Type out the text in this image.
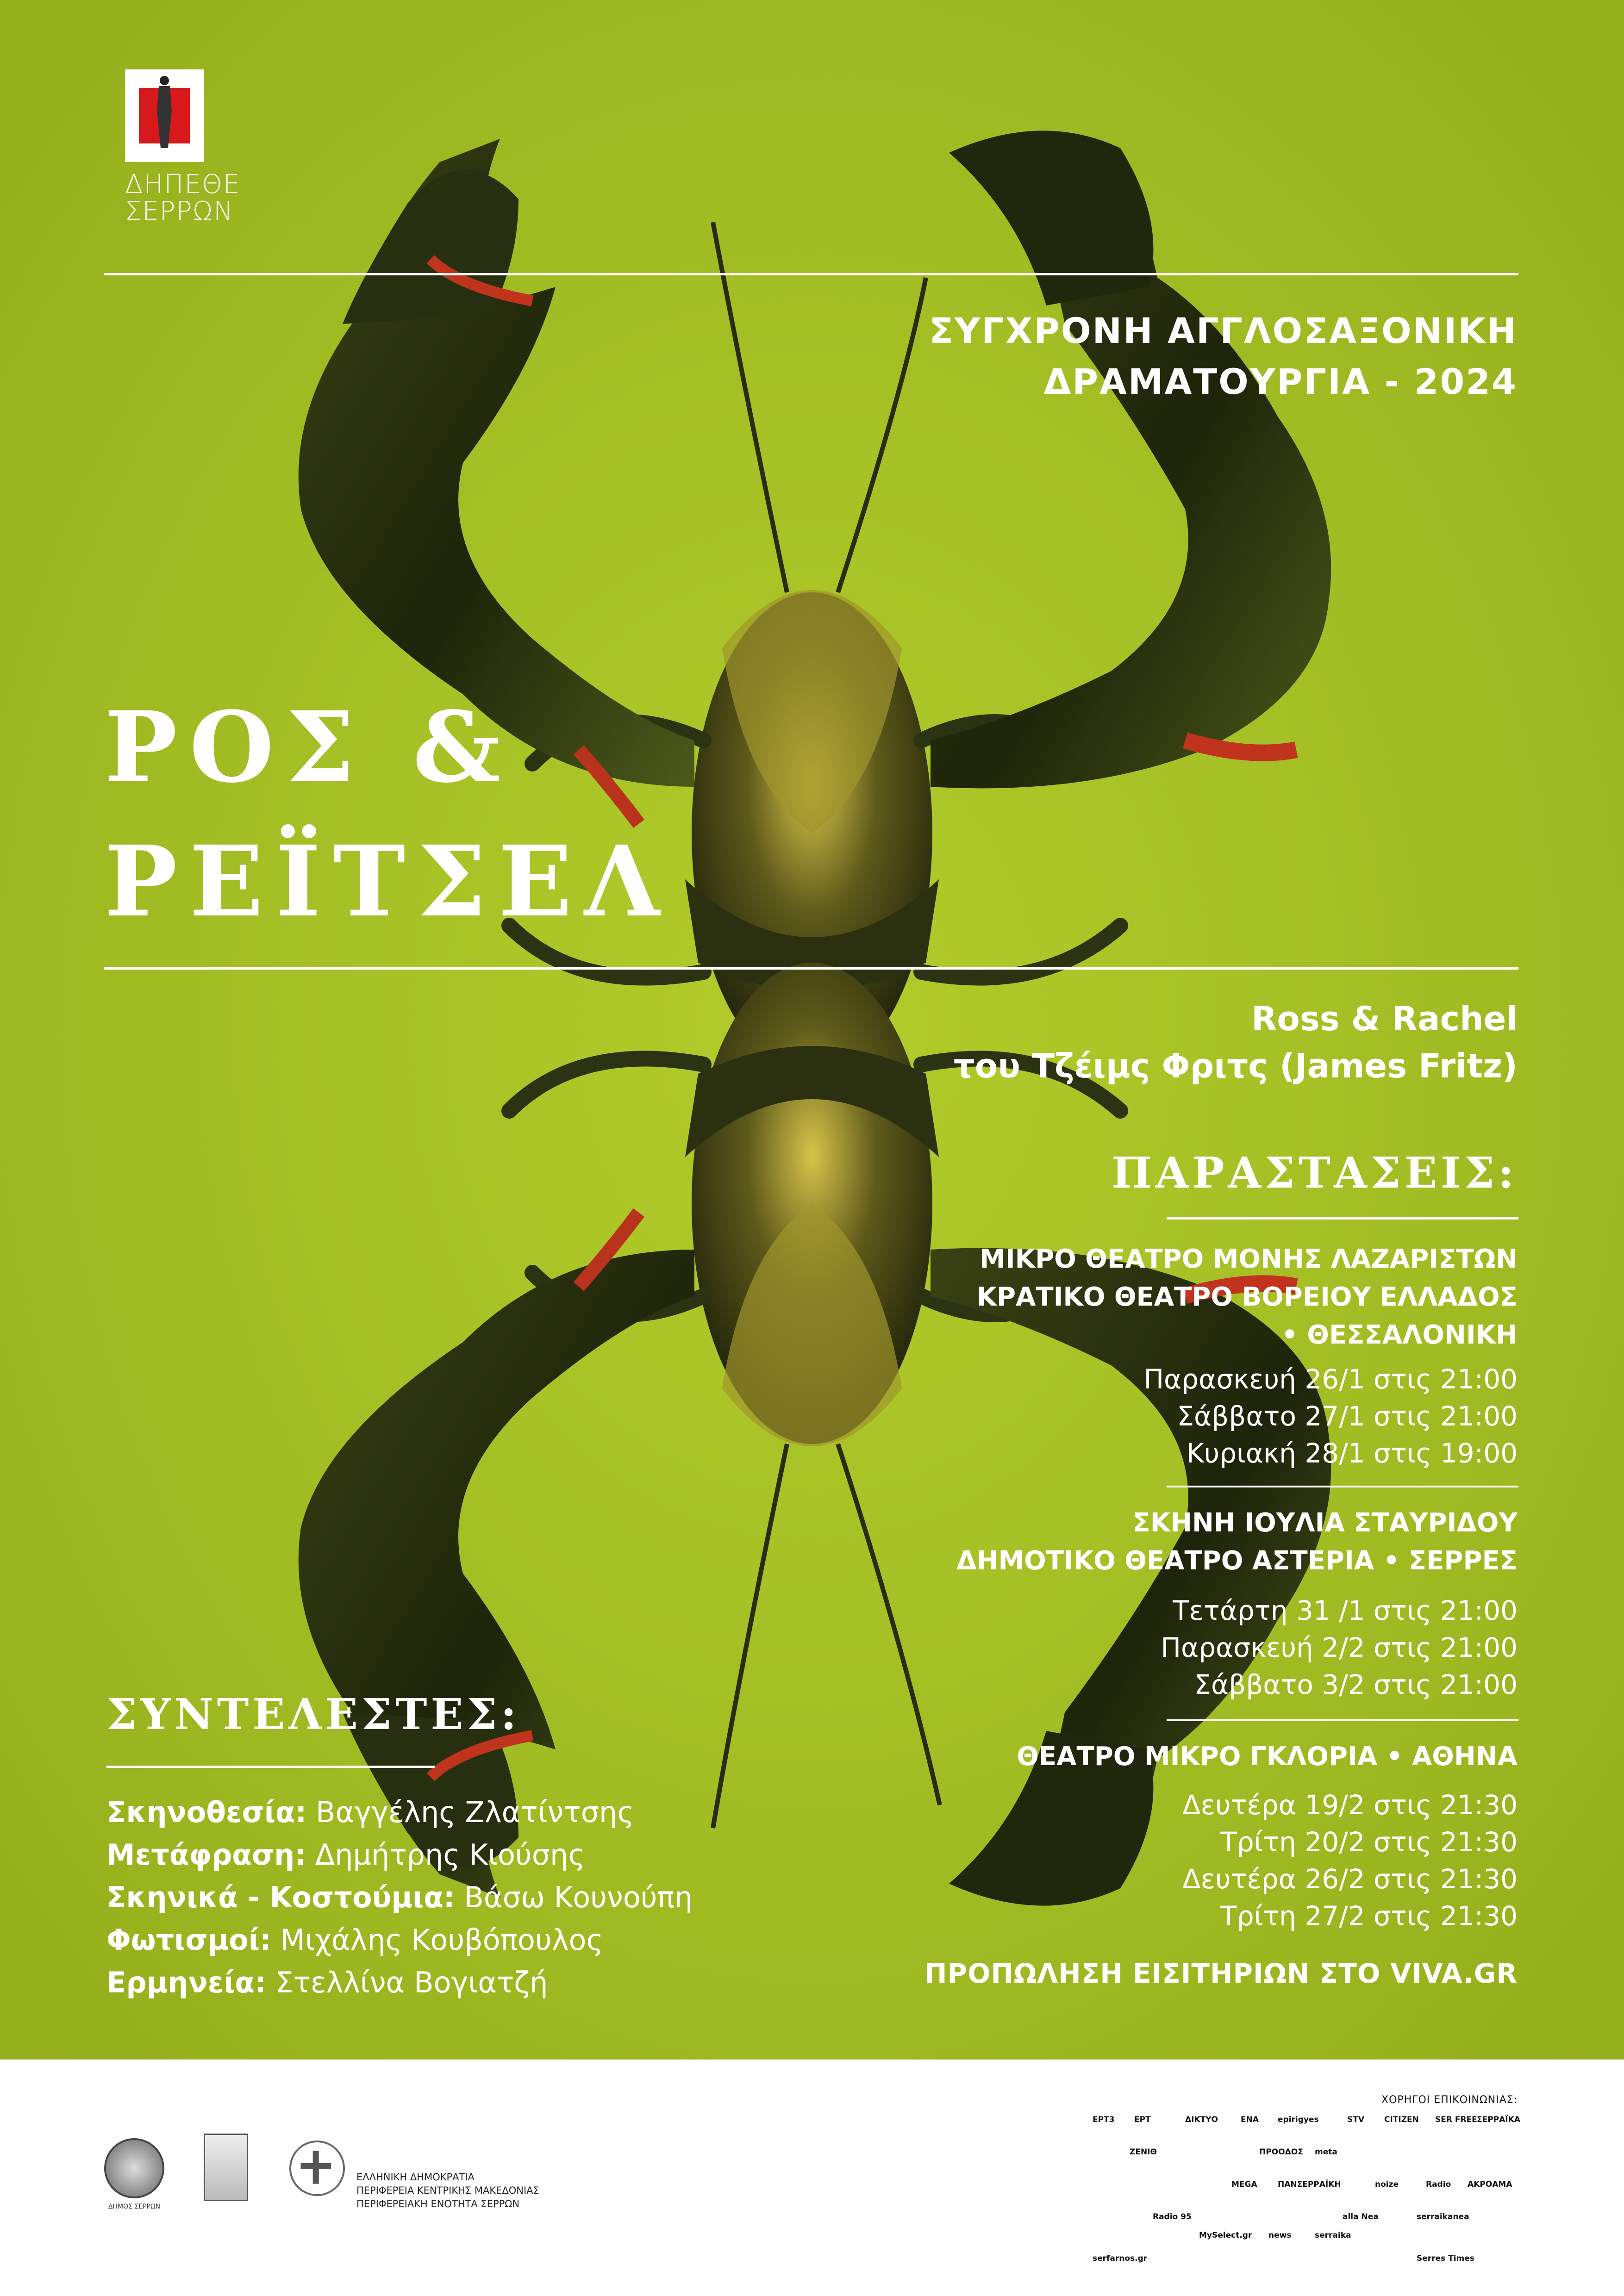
ΔΗΠΕΘΕ
ΣΕΡΡΩΝ
ΣΥΓΧΡΟΝΗ ΑΓΓΛΟΣΑΞΟΝΙΚΗ
ΔΡΑΜΑΤΟΥΡΓΙΑ - 2024
ΡΟΣ &
ΡΕΪΤΣΕΛ
Ross & Rachel
του Τζέιμς Φριτς (James Fritz)
ΠΑΡΑΣΤΑΣΕΙΣ:
ΜΙΚΡΟ ΘΕΑΤΡΟ ΜΟΝΗΣ ΛΑΖΑΡΙΣΤΩΝ
ΚΡΑΤΙΚΟ ΘΕΑΤΡΟ ΒΟΡΕΙΟΥ ΕΛΛΑΔΟΣ
• ΘΕΣΣΑΛΟΝΙΚΗ
Παρασκευή 26/1 στις 21:00
Σάββατο 27/1 στις 21:00
Κυριακή 28/1 στις 19:00
ΣΚΗΝΗ ΙΟΥΛΙΑ ΣΤΑΥΡΙΔΟΥ
ΔΗΜΟΤΙΚΟ ΘΕΑΤΡΟ ΑΣΤΕΡΙΑ • ΣΕΡΡΕΣ
Τετάρτη 31 /1 στις 21:00
Παρασκευή 2/2 στις 21:00
Σάββατο 3/2 στις 21:00
ΘΕΑΤΡΟ ΜΙΚΡΟ ΓΚΛΟΡΙΑ • ΑΘΗΝΑ
Δευτέρα 19/2 στις 21:30
Τρίτη 20/2 στις 21:30
Δευτέρα 26/2 στις 21:30
Τρίτη 27/2 στις 21:30
ΠΡΟΠΩΛΗΣΗ ΕΙΣΙΤΗΡΙΩΝ ΣΤΟ VIVA.GR
ΣΥΝΤΕΛΕΣΤΕΣ:
Σκηνοθεσία: Βαγγέλης Ζλατίντσης
Μετάφραση: Δημήτρης Κιούσης
Σκηνικά - Κοστούμια: Βάσω Κουνούπη
Φωτισμοί: Μιχάλης Κουβόπουλος
Ερμηνεία: Στελλίνα Βογιατζή
ΔΗΜΟΣ ΣΕΡΡΩΝ
ΕΛΛΗΝΙΚΗ ΔΗΜΟΚΡΑΤΙΑ
ΠΕΡΙΦΕΡΕΙΑ ΚΕΝΤΡΙΚΗΣ ΜΑΚΕΔΟΝΙΑΣ
ΠΕΡΙΦΕΡΕΙΑΚΗ ΕΝΟΤΗΤΑ ΣΕΡΡΩΝ
ΧΟΡΗΓΟΙ ΕΠΙΚΟΙΝΩΝΙΑΣ:
ΕΡΤ3	ΕΡΤ	ΔΙΚΤΥΟ	ΕΝΑ epirigyes	STV	CITIZEN SER FREE ΣΕΡΡΑΪΚΑ
ΖΕΝΙΘ	ΠΡΟΟΔΟΣ meta
MEGA	ΠΑΝΣΕΡΡΑΪΚΗ	noize	Radio ΑΚΡΟΑΜΑ
Radio 95	alla Nea	serraikanea
news	serraika
MySelect.gr
serfarnos.gr	Serres Times
